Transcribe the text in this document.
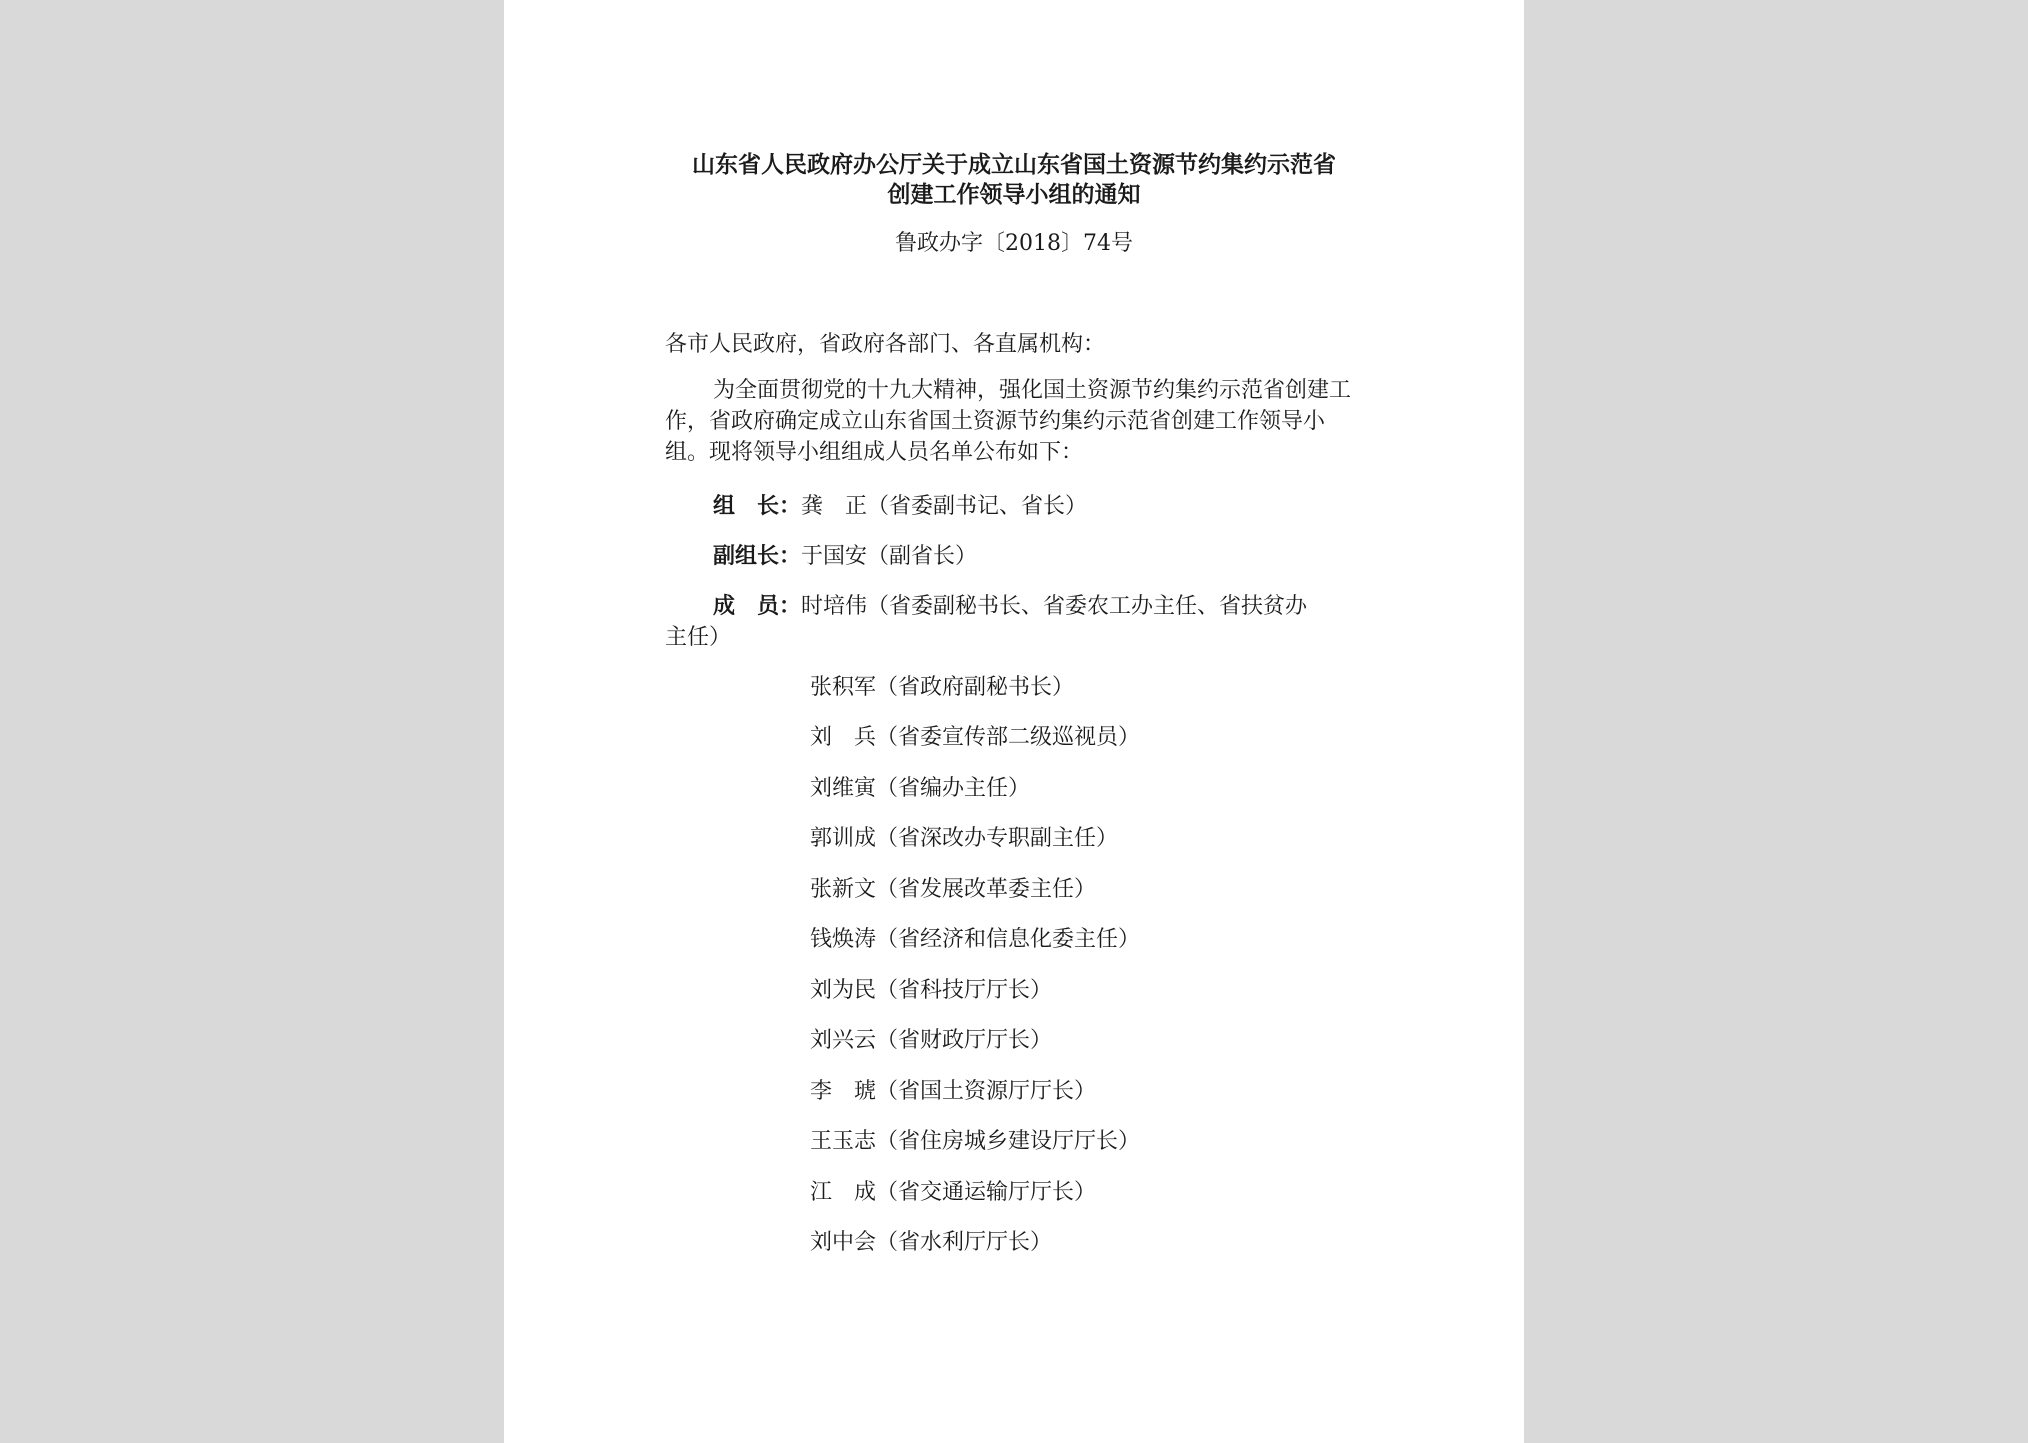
山东省人民政府办公厅关于成立山东省国土资源节约集约示范省
创建工作领导小组的通知
鲁政办字〔2018〕74号
各市人民政府，省政府各部门、各直属机构：
为全面贯彻党的十九大精神，强化国土资源节约集约示范省创建工作，省政府确定成立山东省国土资源节约集约示范省创建工作领导小组。现将领导小组组成人员名单公布如下：
组　长：龚　正（省委副书记、省长）
副组长：于国安（副省长）
成　员：时培伟（省委副秘书长、省委农工办主任、省扶贫办
主任）
张积军（省政府副秘书长）
刘　兵（省委宣传部二级巡视员）
刘维寅（省编办主任）
郭训成（省深改办专职副主任）
张新文（省发展改革委主任）
钱焕涛（省经济和信息化委主任）
刘为民（省科技厅厅长）
刘兴云（省财政厅厅长）
李　琥（省国土资源厅厅长）
王玉志（省住房城乡建设厅厅长）
江　成（省交通运输厅厅长）
刘中会（省水利厅厅长）
